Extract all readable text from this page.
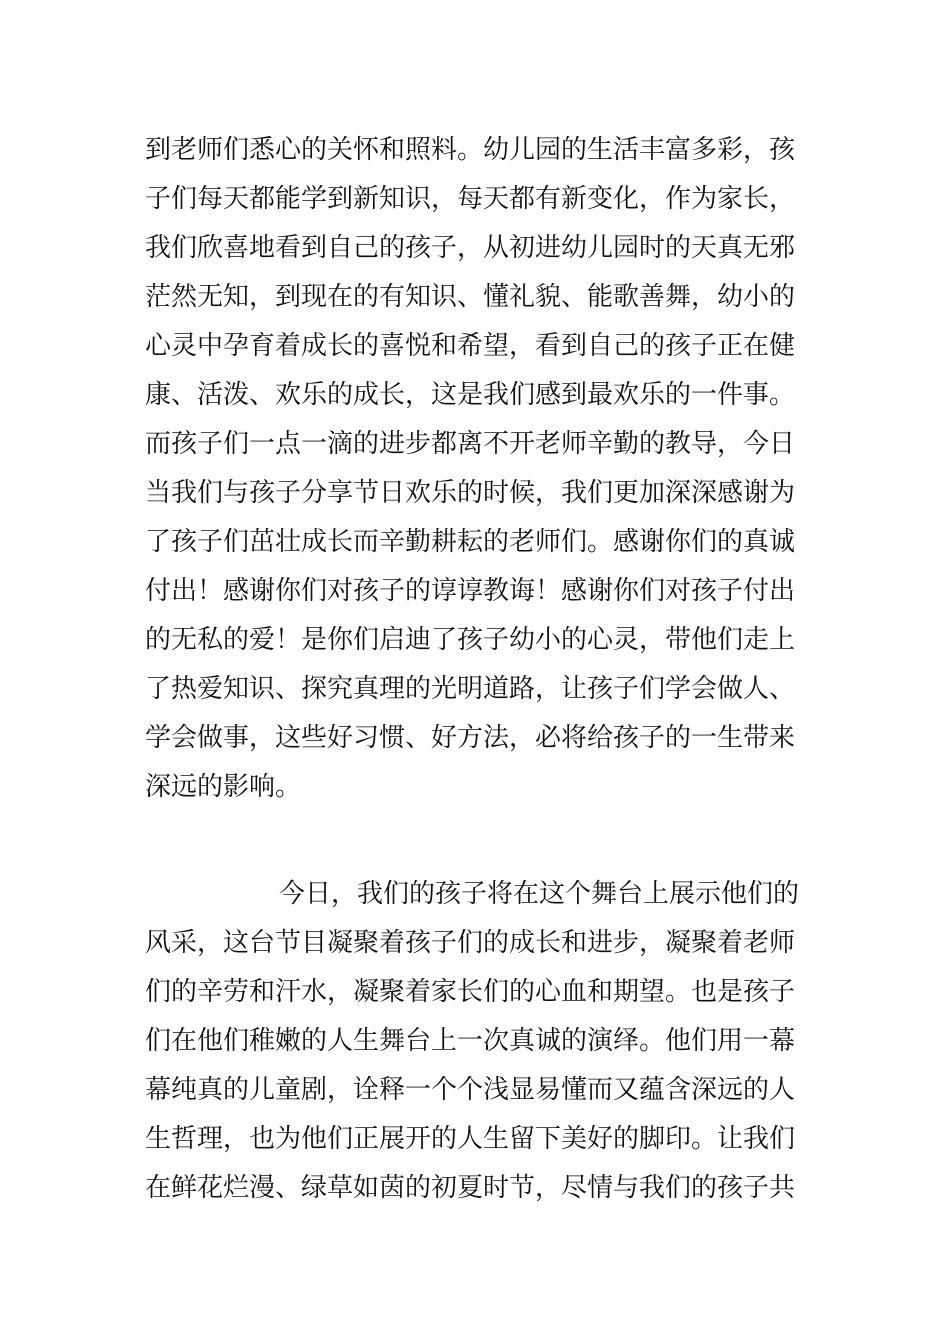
到老师们悉心的关怀和照料。幼儿园的生活丰富多彩，孩
子们每天都能学到新知识，每天都有新变化，作为家长，
我们欣喜地看到自己的孩子，从初进幼儿园时的天真无邪
茫然无知，到现在的有知识、懂礼貌、能歌善舞，幼小的
心灵中孕育着成长的喜悦和希望，看到自己的孩子正在健
康、活泼、欢乐的成长，这是我们感到最欢乐的一件事。
而孩子们一点一滴的进步都离不开老师辛勤的教导，今日
当我们与孩子分享节日欢乐的时候，我们更加深深感谢为
了孩子们茁壮成长而辛勤耕耘的老师们。感谢你们的真诚
付出！感谢你们对孩子的谆谆教诲！感谢你们对孩子付出
的无私的爱！是你们启迪了孩子幼小的心灵，带他们走上
了热爱知识、探究真理的光明道路，让孩子们学会做人、
学会做事，这些好习惯、好方法，必将给孩子的一生带来
深远的影响。
今日，我们的孩子将在这个舞台上展示他们的
风采，这台节目凝聚着孩子们的成长和进步，凝聚着老师
们的辛劳和汗水，凝聚着家长们的心血和期望。也是孩子
们在他们稚嫩的人生舞台上一次真诚的演绎。他们用一幕
幕纯真的儿童剧，诠释一个个浅显易懂而又蕴含深远的人
生哲理，也为他们正展开的人生留下美好的脚印。让我们
在鲜花烂漫、绿草如茵的初夏时节，尽情与我们的孩子共
